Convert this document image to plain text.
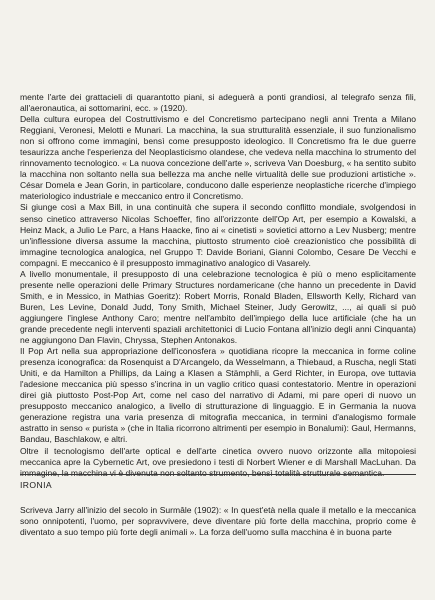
mente l'arte dei grattacieli di quarantotto piani, si adeguerà a ponti grandiosi, al telegrafo senza fili, all'aeronautica, ai sottomarini, ecc. » (1920).

Della cultura europea del Costruttivismo e del Concretismo partecipano negli anni Trenta a Milano Reggiani, Veronesi, Melotti e Munari. La macchina, la sua strutturalità essenziale, il suo funzionalismo non si offrono come immagini, bensì come presupposto ideologico. Il Concretismo fra le due guerre tesaurizza anche l'esperienza del Neoplasticismo olandese, che vedeva nella macchina lo strumento del rinnovamento tecnologico. « La nuova concezione dell'arte », scriveva Van Doesburg, « ha sentito subito la macchina non soltanto nella sua bellezza ma anche nelle virtualità delle sue produzioni artistiche ». César Domela e Jean Gorin, in particolare, conducono dalle esperienze neoplastiche ricerche d'impiego materiologico industriale e meccanico entro il Concretismo.

Si giunge così a Max Bill, in una continuità che supera il secondo conflitto mondiale, svolgendosi in senso cinetico attraverso Nicolas Schoeffer, fino all'orizzonte dell'Op Art, per esempio a Kowalski, a Heinz Mack, a Julio Le Parc, a Hans Haacke, fino ai « cinetisti » sovietici attorno a Lev Nusberg; mentre un'inflessione diversa assume la macchina, piuttosto strumento cioè creazionistico che possibilità di immagine tecnologica analogica, nel Gruppo T: Davide Boriani, Gianni Colombo, Cesare De Vecchi e compagni. E meccanico è il presupposto immaginativo analogico di Vasarely.

A livello monumentale, il presupposto di una celebrazione tecnologica è più o meno esplicitamente presente nelle operazioni delle Primary Structures nordamericane (che hanno un precedente in David Smith, e in Messico, in Mathias Goeritz): Robert Morris, Ronald Bladen, Ellsworth Kelly, Richard van Buren, Les Levine, Donald Judd, Tony Smith, Michael Steiner, Judy Gerowitz, ..., ai quali si può aggiungere l'inglese Anthony Caro; mentre nell'ambito dell'impiego della luce artificiale (che ha un grande precedente negli interventi spaziali architettonici di Lucio Fontana all'inizio degli anni Cinquanta) ne aggiungono Dan Flavin, Chryssa, Stephen Antonakos.

Il Pop Art nella sua appropriazione dell'iconosfera » quotidiana ricopre la meccanica in forme coline presenza iconografica: da Rosenquist a D'Arcangelo, da Wesselmann, a Thiebaud, a Ruscha, negli Stati Uniti, e da Hamilton a Phillips, da Laing a Klasen a Stämphli, a Gerd Richter, in Europa, ove tuttavia l'adesione meccanica più spesso s'incrina in un vaglio critico quasi contestatorio. Mentre in operazioni direi già piuttosto Post-Pop Art, come nel caso del narrativo di Adami, mi pare operi di nuovo un presupposto meccanico analogico, a livello di strutturazione di linguaggio. E in Germania la nuova generazione registra una varia presenza di mitografia meccanica, in termini d'analogismo formale astratto in senso « purista » (che in Italia ricorrono altrimenti per esempio in Bonalumi): Gaul, Hermanns, Bandau, Baschlakow, e altri.

Oltre il tecnologismo dell'arte optical e dell'arte cinetica ovvero nuovo orizzonte alla mitopoiesi meccanica apre la Cybernetic Art, ove presiedono i testi di Norbert Wiener e di Marshall MacLuhan. Da immagine, la macchina vi è divenuta non soltanto strumento, bensì totalità strutturale semantica.

IRONIA

Scriveva Jarry all'inizio del secolo in Surmâle (1902): « In quest'età nella quale il metallo e la meccanica sono onnipotenti, l'uomo, per sopravvivere, deve diventare più forte della macchina, proprio come è diventato a suo tempo più forte degli animali ». La forza dell'uomo sulla macchina è in buona parte
